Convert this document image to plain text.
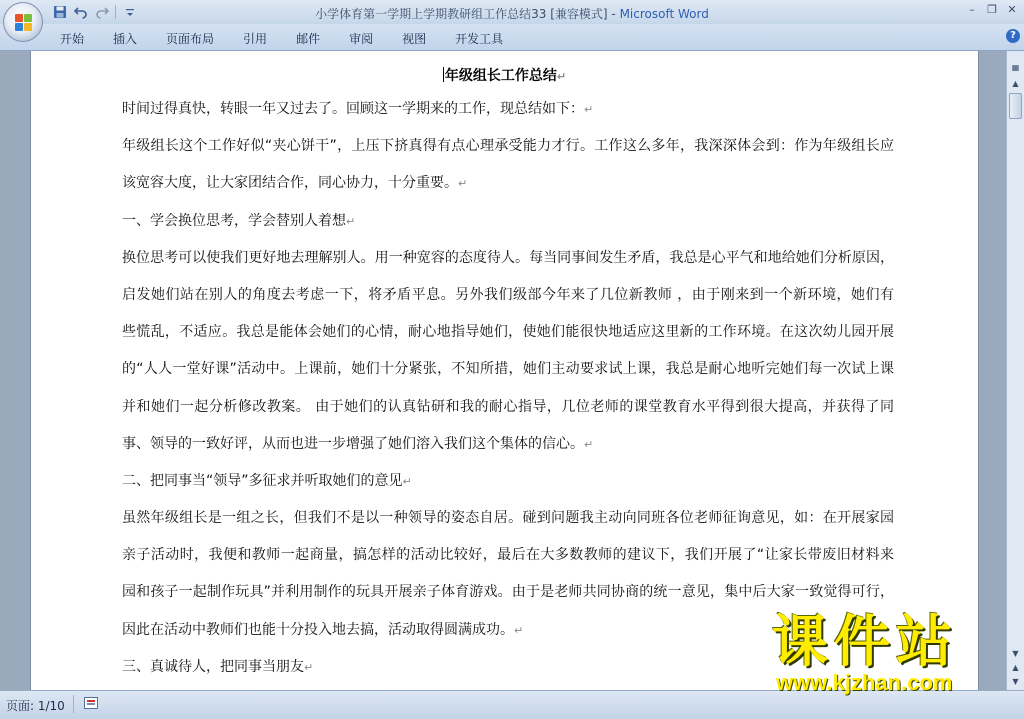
小学体育第一学期上学期教研组工作总结33 [兼容模式] - Microsoft Word	– ❐ ✕
开始 插入 页面布局 引用 邮件 审阅 视图 开发工具	?
年级组长工作总结↵
时间过得真快，转眼一年又过去了。回顾这一学期来的工作，现总结如下：↵
年级组长这个工作好似“夹心饼干”，上压下挤真得有点心理承受能力才行。工作这么多年，我深深体会到：作为年级组长应
该宽容大度，让大家团结合作，同心协力，十分重要。↵
一、学会换位思考，学会替别人着想↵
换位思考可以使我们更好地去理解别人。用一种宽容的态度待人。每当同事间发生矛盾，我总是心平气和地给她们分析原因，
启发她们站在别人的角度去考虑一下，将矛盾平息。另外我们级部今年来了几位新教师 ，由于刚来到一个新环境，她们有
些慌乱，不适应。我总是能体会她们的心情，耐心地指导她们，使她们能很快地适应这里新的工作环境。在这次幼儿园开展
的“人人一堂好课”活动中。上课前，她们十分紧张，不知所措，她们主动要求试上课，我总是耐心地听完她们每一次试上课
并和她们一起分析修改教案。 由于她们的认真钻研和我的耐心指导，几位老师的课堂教育水平得到很大提高，并获得了同
事、领导的一致好评，从而也进一步增强了她们溶入我们这个集体的信心。↵
二、把同事当“领导”多征求并听取她们的意见↵
虽然年级组长是一组之长，但我们不是以一种领导的姿态自居。碰到问题我主动向同班各位老师征询意见，如：在开展家园
亲子活动时，我便和教师一起商量，搞怎样的活动比较好，最后在大多数教师的建议下，我们开展了“让家长带废旧材料来
园和孩子一起制作玩具”并利用制作的玩具开展亲子体育游戏。由于是老师共同协商的统一意见，集中后大家一致觉得可行，
因此在活动中教师们也能十分投入地去搞，活动取得圆满成功。↵
三、真诚待人，把同事当朋友↵
▦
▲
▼
▲
▼
课件站
www.kjzhan.com
页面: 1/10
